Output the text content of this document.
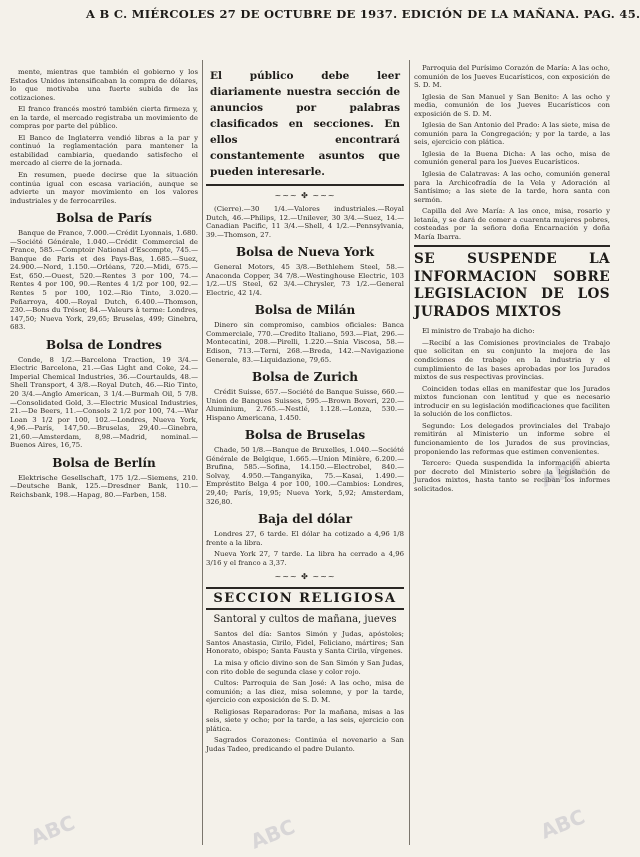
A B C. MIÉRCOLES 27 DE OCTUBRE DE 1937. EDICIÓN DE LA MAÑANA. PAG. 45.

mente, mientras que también el gobierno y los Estados Unidos intensificaban la compra de dólares, lo que motivaba una fuerte subida de las cotizaciones.

El franco francés mostró también cierta firmeza y, en la tarde, el mercado registraba un movimiento de compras por parte del público.

El Banco de Inglaterra vendió libras a la par y continuó la reglamentación para mantener la estabilidad cambiaria, quedando satisfecho el mercado al cierre de la jornada.

En resumen, puede decirse que la situación continúa igual con escasa variación, aunque se advierte un mayor movimiento en los valores industriales y de ferrocarriles.

Bolsa de París

Banque de France, 7.000.—Crédit Lyonnais, 1.680.—Société Générale, 1.040.—Crédit Commercial de France, 585.—Comptoir National d'Escompte, 745.—Banque de Paris et des Pays-Bas, 1.685.—Suez, 24.900.—Nord, 1.150.—Orléans, 720.—Midi, 675.—Est, 650.—Ouest, 520.—Rentes 3 por 100, 74.—Rentes 4 por 100, 90.—Rentes 4 1/2 por 100, 92.—Rentes 5 por 100, 102.—Rio Tinto, 3.020.—Peñarroya, 400.—Royal Dutch, 6.400.—Thomson, 230.—Bons du Trésor, 84.—Valeurs à terme: Londres, 147,50; Nueva York, 29,65; Bruselas, 499; Ginebra, 683.

Bolsa de Londres

Conde, 8 1/2.—Barcelona Traction, 19 3/4.—Electric Barcelona, 21.—Gas Light and Coke, 24.—Imperial Chemical Industries, 36.—Courtaulds, 48.—Shell Transport, 4 3/8.—Royal Dutch, 46.—Rio Tinto, 20 3/4.—Anglo American, 3 1/4.—Burmah Oil, 5 7/8.—Consolidated Gold, 3.—Electric Musical Industries, 21.—De Beers, 11.—Consols 2 1/2 por 100, 74.—War Loan 3 1/2 por 100, 102.—Londres, Nueva York, 4,96.—París, 147,50.—Bruselas, 29,40.—Ginebra, 21,60.—Amsterdam, 8,98.—Madrid, nominal.—Buenos Aires, 16,75.

Bolsa de Berlín

Elektrische Gesellschaft, 175 1/2.—Siemens, 210.—Deutsche Bank, 125.—Dresdner Bank, 110.—Reichsbank, 198.—Hapag, 80.—Farben, 158.

El público debe leer diariamente nuestra sección de anuncios por palabras clasificados en secciones. En ellos encontrará constantemente asuntos que pueden interesarle.
~~~ ✤ ~~~

(Cierre).—30 1/4.—Valores industriales.—Royal Dutch, 46.—Philips, 12.—Unilever, 30 3/4.—Suez, 14.—Canadian Pacific, 11 3/4.—Shell, 4 1/2.—Pennsylvania, 39.—Thomson, 27.

Bolsa de Nueva York

General Motors, 45 3/8.—Bethlehem Steel, 58.—Anaconda Copper, 34 7/8.—Westinghouse Electric, 103 1/2.—US Steel, 62 3/4.—Chrysler, 73 1/2.—General Electric, 42 1/4.

Bolsa de Milán

Dinero sin compromiso, cambios oficiales: Banca Commerciale, 770.—Credito Italiano, 593.—Fiat, 296.—Montecatini, 208.—Pirelli, 1.220.—Snia Viscosa, 58.—Edison, 713.—Terni, 268.—Breda, 142.—Navigazione Generale, 83.—Liquidazione, 79,65.

Bolsa de Zurich

Crédit Suisse, 657.—Société de Banque Suisse, 660.—Union de Banques Suisses, 595.—Brown Boveri, 220.—Aluminium, 2.765.—Nestlé, 1.128.—Lonza, 530.—Hispano Americana, 1.450.

Bolsa de Bruselas

Chade, 50 1/8.—Banque de Bruxelles, 1.040.—Société Générale de Belgique, 1.665.—Union Minière, 6.200.—Brufina, 585.—Sofina, 14.150.—Electrobel, 840.—Solvay, 4.950.—Tanganyika, 75.—Kasai, 1.490.—Empréstito Belga 4 por 100, 100.—Cambios: Londres, 29,40; París, 19,95; Nueva York, 5,92; Amsterdam, 326,80.

Baja del dólar

Londres 27, 6 tarde. El dólar ha cotizado a 4,96 1/8 frente a la libra.

Nueva York 27, 7 tarde. La libra ha cerrado a 4,96 3/16 y el franco a 3,37.

~~~ ✤ ~~~
SECCION RELIGIOSA
Santoral y cultos de mañana, jueves

Santos del día: Santos Simón y Judas, apóstoles; Santos Anastasia, Cirilo, Fidel, Feliciano, mártires; San Honorato, obispo; Santa Fausta y Santa Cirila, vírgenes.

La misa y oficio divino son de San Simón y San Judas, con rito doble de segunda clase y color rojo.

Cultos: Parroquia de San José: A las ocho, misa de comunión; a las diez, misa solemne, y por la tarde, ejercicio con exposición de S. D. M.

Religiosas Reparadoras: Por la mañana, misas a las seis, siete y ocho; por la tarde, a las seis, ejercicio con plática.

Sagrados Corazones: Continúa el novenario a San Judas Tadeo, predicando el padre Dulanto.

Parroquia del Purísimo Corazón de María: A las ocho, comunión de los Jueves Eucarísticos, con exposición de S. D. M.

Iglesia de San Manuel y San Benito: A las ocho y media, comunión de los Jueves Eucarísticos con exposición de S. D. M.

Iglesia de San Antonio del Prado: A las siete, misa de comunión para la Congregación; y por la tarde, a las seis, ejercicio con plática.

Iglesia de la Buena Dicha: A las ocho, misa de comunión general para los Jueves Eucarísticos.

Iglesia de Calatravas: A las ocho, comunión general para la Archicofradía de la Vela y Adoración al Santísimo; a las siete de la tarde, hora santa con sermón.

Capilla del Ave María: A las once, misa, rosario y letanía, y se dará de comer a cuarenta mujeres pobres, costeadas por la señora doña Encarnación y doña María Ibarra.

SE SUSPENDE LA INFORMACION SOBRE LEGISLACION DE LOS JURADOS MIXTOS

El ministro de Trabajo ha dicho:

—Recibí a las Comisiones provinciales de Trabajo que solicitan en su conjunto la mejora de las condiciones de trabajo en la industria y el cumplimiento de las bases aprobadas por los Jurados mixtos de sus respectivas provincias.

Coinciden todas ellas en manifestar que los Jurados mixtos funcionan con lentitud y que es necesario introducir en su legislación modificaciones que faciliten la solución de los conflictos.

Segundo: Los delegados provinciales del Trabajo remitirán al Ministerio un informe sobre el funcionamiento de los Jurados de sus provincias, proponiendo las reformas que estimen convenientes.

Tercero: Queda suspendida la información abierta por decreto del Ministerio sobre la legislación de Jurados mixtos, hasta tanto se reciban los informes solicitados.

ABC	ABC	ABC
ABC
